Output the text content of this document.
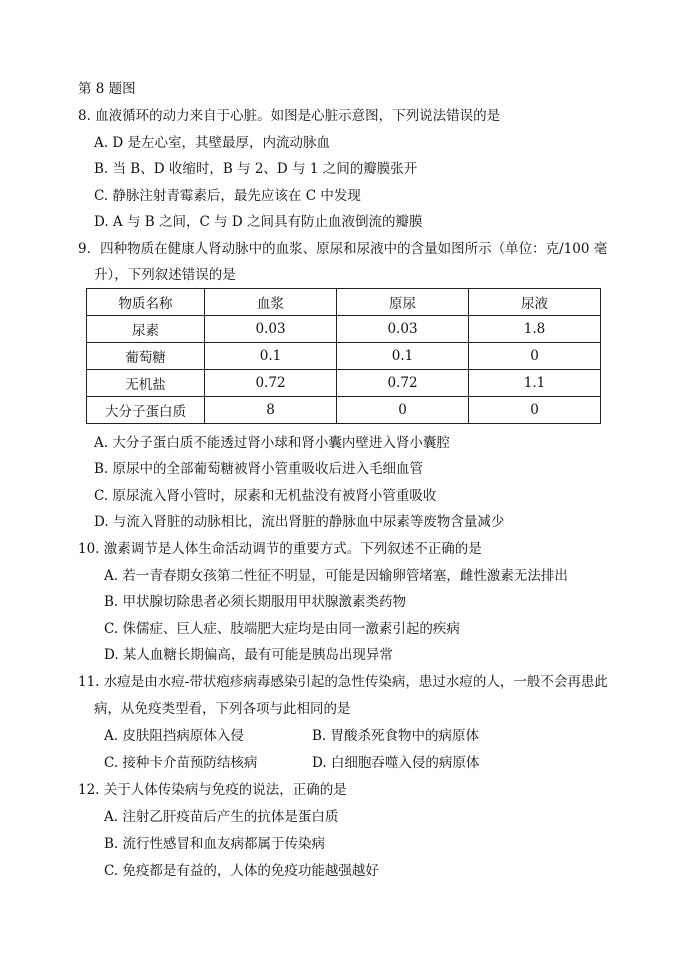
第 8 题图
8. 血液循环的动力来自于心脏。如图是心脏示意图，下列说法错误的是
A. D 是左心室，其壁最厚，内流动脉血
B. 当 B、D 收缩时，B 与 2、D 与 1 之间的瓣膜张开
C. 静脉注射青霉素后，最先应该在 C 中发现
D. A 与 B 之间，C 与 D 之间具有防止血液倒流的瓣膜
9．四种物质在健康人肾动脉中的血浆、原尿和尿液中的含量如图所示（单位：克/100 毫
升），下列叙述错误的是
物质名称	血浆	原尿	尿液
尿素	0.03	0.03	1.8
葡萄糖	0.1	0.1	0
无机盐	0.72	0.72	1.1
大分子蛋白质	8	0	0
A. 大分子蛋白质不能透过肾小球和肾小囊内壁进入肾小囊腔
B. 原尿中的全部葡萄糖被肾小管重吸收后进入毛细血管
C. 原尿流入肾小管时，尿素和无机盐没有被肾小管重吸收
D. 与流入肾脏的动脉相比，流出肾脏的静脉血中尿素等废物含量减少
10. 激素调节是人体生命活动调节的重要方式。下列叙述不正确的是
A. 若一青春期女孩第二性征不明显，可能是因输卵管堵塞，雌性激素无法排出
B. 甲状腺切除患者必须长期服用甲状腺激素类药物
C. 侏儒症、巨人症、肢端肥大症均是由同一激素引起的疾病
D. 某人血糖长期偏高，最有可能是胰岛出现异常
11. 水痘是由水痘-带状疱疹病毒感染引起的急性传染病，患过水痘的人，一般不会再患此
病，从免疫类型看，下列各项与此相同的是
A. 皮肤阻挡病原体入侵	B. 胃酸杀死食物中的病原体
C. 接种卡介苗预防结核病	D. 白细胞吞噬入侵的病原体
12. 关于人体传染病与免疫的说法，正确的是
A. 注射乙肝疫苗后产生的抗体是蛋白质
B. 流行性感冒和血友病都属于传染病
C. 免疫都是有益的，人体的免疫功能越强越好
